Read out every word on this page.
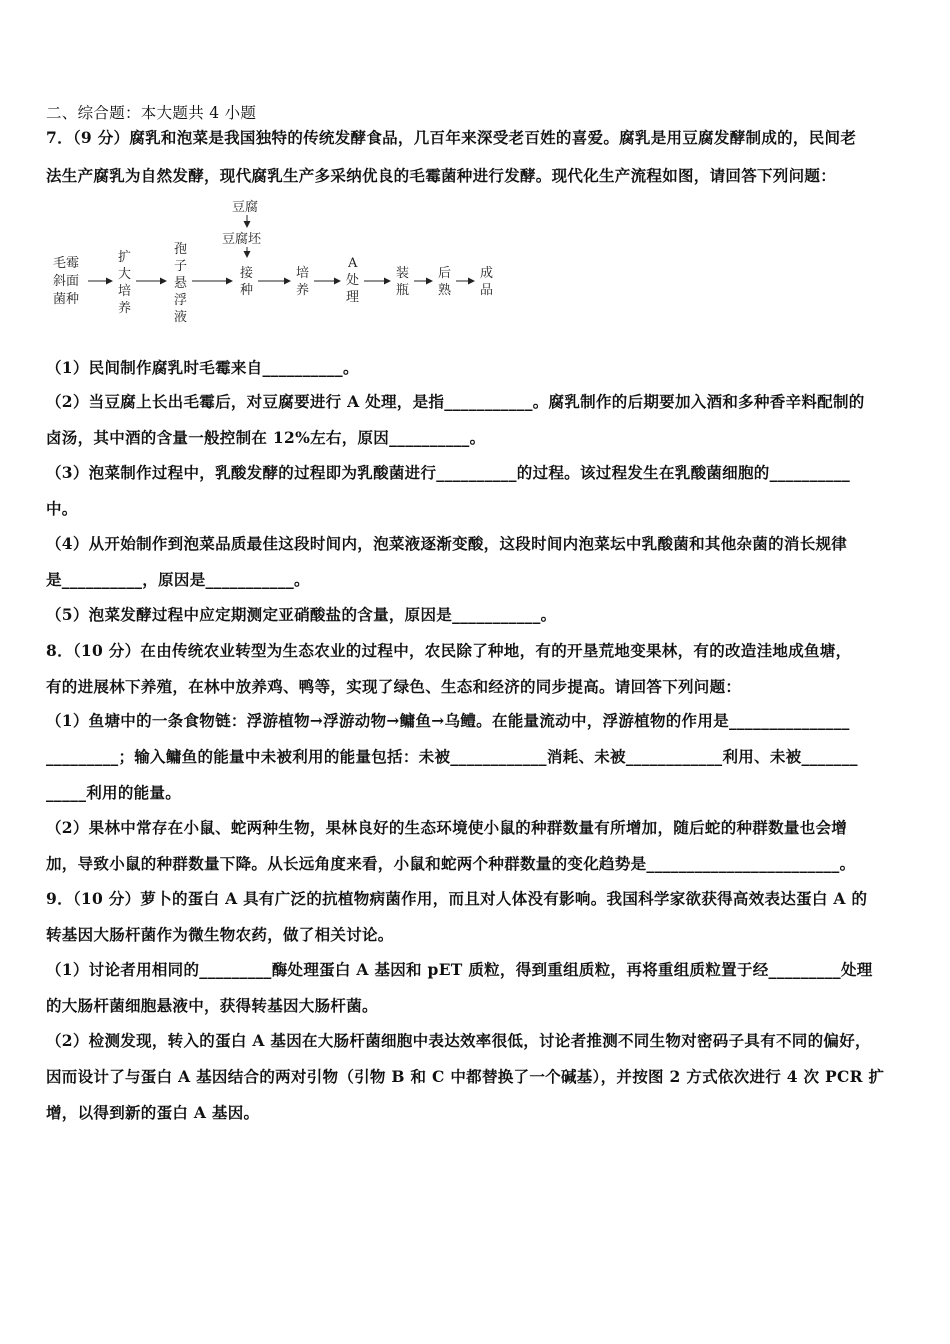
二、综合题：本大题共 4 小题
7．（9 分）腐乳和泡菜是我国独特的传统发酵食品，几百年来深受老百姓的喜爱。腐乳是用豆腐发酵制成的，民间老
法生产腐乳为自然发酵，现代腐乳生产多采纳优良的毛霉菌种进行发酵。现代化生产流程如图，请回答下列问题：
豆腐
豆腐坯
毛霉
斜面
菌种
扩
大
培
养
孢
子
悬
浮
液
接
种
培
养
A
处
理
装
瓶
后
熟
成
品
（1）民间制作腐乳时毛霉来自__________。
（2）当豆腐上长出毛霉后，对豆腐要进行 A 处理，是指___________。腐乳制作的后期要加入酒和多种香辛料配制的
卤汤，其中酒的含量一般控制在 12%左右，原因__________。
（3）泡菜制作过程中，乳酸发酵的过程即为乳酸菌进行__________的过程。该过程发生在乳酸菌细胞的__________
中。
（4）从开始制作到泡菜品质最佳这段时间内，泡菜液逐渐变酸，这段时间内泡菜坛中乳酸菌和其他杂菌的消长规律
是__________，原因是___________。
（5）泡菜发酵过程中应定期测定亚硝酸盐的含量，原因是___________。
8．（10 分）在由传统农业转型为生态农业的过程中，农民除了种地，有的开垦荒地变果林，有的改造洼地成鱼塘，
有的进展林下养殖，在林中放养鸡、鸭等，实现了绿色、生态和经济的同步提高。请回答下列问题：
（1）鱼塘中的一条食物链：浮游植物→浮游动物→鳙鱼→乌鳢。在能量流动中，浮游植物的作用是_______________
_________；输入鳙鱼的能量中未被利用的能量包括：未被____________消耗、未被____________利用、未被_______
_____利用的能量。
（2）果林中常存在小鼠、蛇两种生物，果林良好的生态环境使小鼠的种群数量有所增加，随后蛇的种群数量也会增
加，导致小鼠的种群数量下降。从长远角度来看，小鼠和蛇两个种群数量的变化趋势是________________________。
9．（10 分）萝卜的蛋白 A 具有广泛的抗植物病菌作用，而且对人体没有影响。我国科学家欲获得高效表达蛋白 A 的
转基因大肠杆菌作为微生物农药，做了相关讨论。
（1）讨论者用相同的_________酶处理蛋白 A 基因和 pET 质粒，得到重组质粒，再将重组质粒置于经_________处理
的大肠杆菌细胞悬液中，获得转基因大肠杆菌。
（2）检测发现，转入的蛋白 A 基因在大肠杆菌细胞中表达效率很低，讨论者推测不同生物对密码子具有不同的偏好，
因而设计了与蛋白 A 基因结合的两对引物（引物 B 和 C 中都替换了一个碱基），并按图 2 方式依次进行 4 次 PCR 扩
增，以得到新的蛋白 A 基因。
